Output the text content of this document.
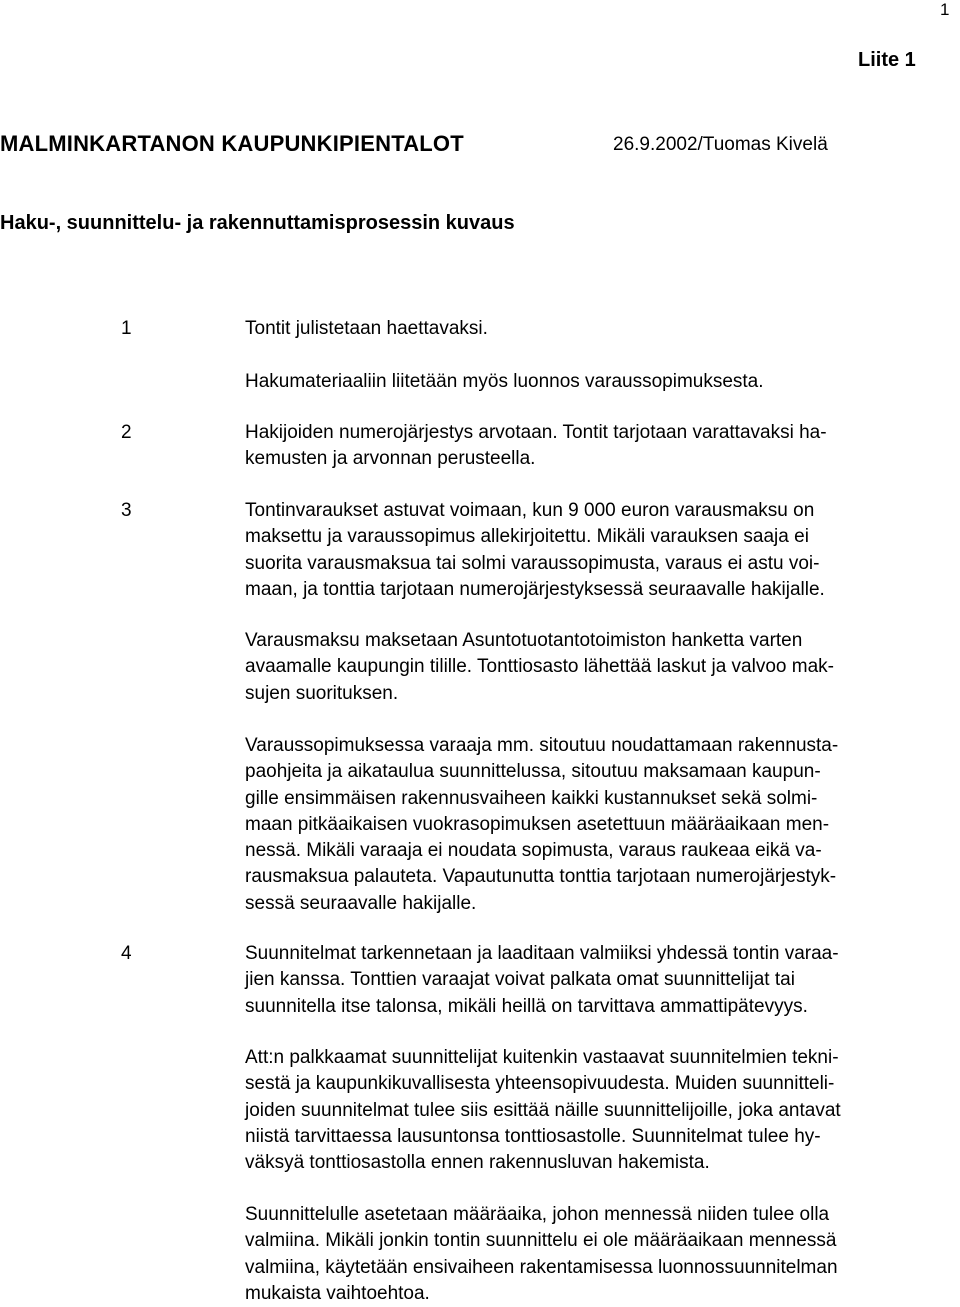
1
Liite 1
MALMINKARTANON KAUPUNKIPIENTALOT	26.9.2002/Tuomas Kivelä
Haku-, suunnittelu- ja rakennuttamisprosessin kuvaus
1	Tontit julistetaan haettavaksi.
Hakumateriaaliin liitetään myös luonnos varaussopimuksesta.
2	Hakijoiden numerojärjestys arvotaan. Tontit tarjotaan varattavaksi ha-
kemusten ja arvonnan perusteella.
3	Tontinvaraukset astuvat voimaan, kun 9 000 euron varausmaksu on
maksettu ja varaussopimus allekirjoitettu. Mikäli varauksen saaja ei
suorita varausmaksua tai solmi varaussopimusta, varaus ei astu voi-
maan, ja tonttia tarjotaan numerojärjestyksessä seuraavalle hakijalle.
Varausmaksu maksetaan Asuntotuotantotoimiston hanketta varten
avaamalle kaupungin tilille. Tonttiosasto lähettää laskut ja valvoo mak-
sujen suorituksen.
Varaussopimuksessa varaaja mm. sitoutuu noudattamaan rakennusta-
paohjeita ja aikataulua suunnittelussa, sitoutuu maksamaan kaupun-
gille ensimmäisen rakennusvaiheen kaikki kustannukset sekä solmi-
maan pitkäaikaisen vuokrasopimuksen asetettuun määräaikaan men-
nessä. Mikäli varaaja ei noudata sopimusta, varaus raukeaa eikä va-
rausmaksua palauteta. Vapautunutta tonttia tarjotaan numerojärjestyk-
sessä seuraavalle hakijalle.
4	Suunnitelmat tarkennetaan ja laaditaan valmiiksi yhdessä tontin varaa-
jien kanssa. Tonttien varaajat voivat palkata omat suunnittelijat tai
suunnitella itse talonsa, mikäli heillä on tarvittava ammattipätevyys.
Att:n palkkaamat suunnittelijat kuitenkin vastaavat suunnitelmien tekni-
sestä ja kaupunkikuvallisesta yhteensopivuudesta. Muiden suunnitteli-
joiden suunnitelmat tulee siis esittää näille suunnittelijoille, joka antavat
niistä tarvittaessa lausuntonsa tonttiosastolle. Suunnitelmat tulee hy-
väksyä tonttiosastolla ennen rakennusluvan hakemista.
Suunnittelulle asetetaan määräaika, johon mennessä niiden tulee olla
valmiina. Mikäli jonkin tontin suunnittelu ei ole määräaikaan mennessä
valmiina, käytetään ensivaiheen rakentamisessa luonnossuunnitelman
mukaista vaihtoehtoa.
